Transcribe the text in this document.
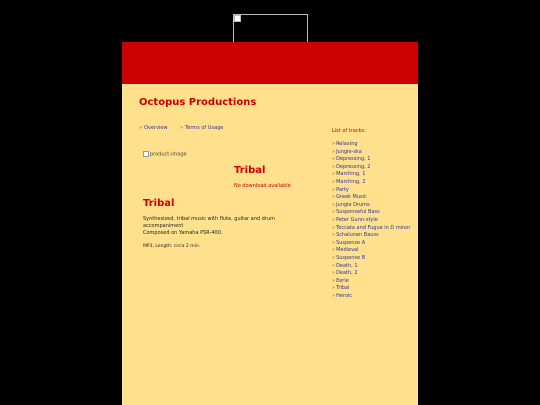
Octopus Productions
» Overview » Terms of Usage
product-image
Tribal
No download available
Tribal
Synthesized, tribal music with flute, guitar and drum accompaniment
Composed on Yamaha PSR-400.
MP3, Length: circa 2 min.
List of tracks:
»Relaxing
»Jungle-ska
»Depressing, 1
»Depressing, 2
»Marching, 1
»Marching, 2
»Party
»Greek Music
»Jungle Drums
»Suspenseful Bass
»Peter Gunn-style
»Toccata and Fugue in D minor
»Schalunen Bauss
»Suspense A
»Medieval
»Suspense B
»Death, 1
»Death, 2
»Eerie
»Tribal
»Heroic
